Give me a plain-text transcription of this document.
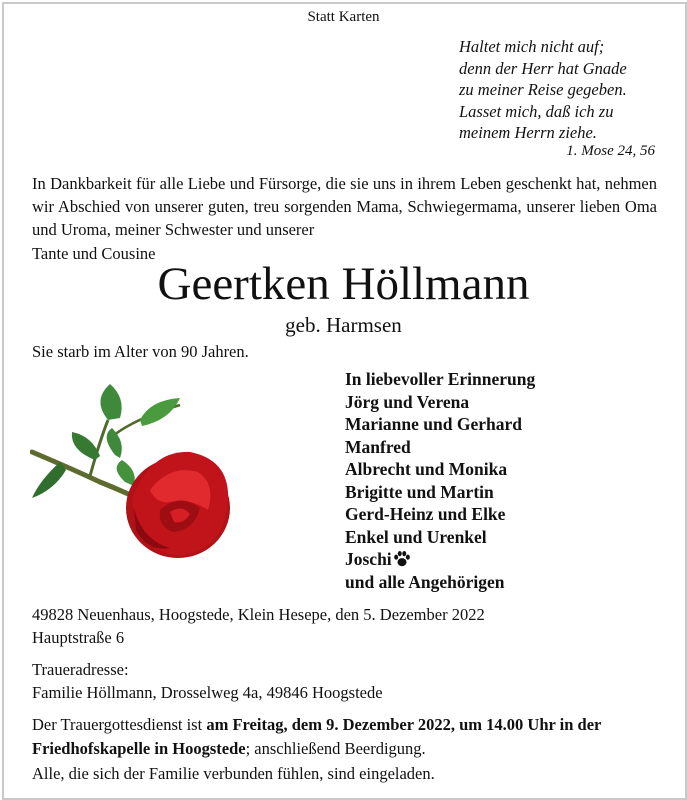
Statt Karten
Haltet mich nicht auf;
denn der Herr hat Gnade
zu meiner Reise gegeben.
Lasset mich, daß ich zu
meinem Herrn ziehe.
1. Mose 24, 56
In Dankbarkeit für alle Liebe und Fürsorge, die sie uns in ihrem Leben geschenkt hat, nehmen wir Abschied von unserer guten, treu sorgenden Mama, Schwiegermama, unserer lieben Oma und Uroma, meiner Schwester und unserer
Tante und Cousine
Geertken Höllmann
geb. Harmsen
Sie starb im Alter von 90 Jahren.
In liebevoller Erinnerung
Jörg und Verena
Marianne und Gerhard
Manfred
Albrecht und Monika
Brigitte und Martin
Gerd-Heinz und Elke
Enkel und Urenkel
Joschi
und alle Angehörigen
49828 Neuenhaus, Hoogstede, Klein Hesepe, den 5. Dezember 2022
Hauptstraße 6
Traueradresse:
Familie Höllmann, Drosselweg 4a, 49846 Hoogstede
Der Trauergottesdienst ist am Freitag, dem 9. Dezember 2022, um 14.00 Uhr in der Friedhofskapelle in Hoogstede; anschließend Beerdigung.
Alle, die sich der Familie verbunden fühlen, sind eingeladen.
